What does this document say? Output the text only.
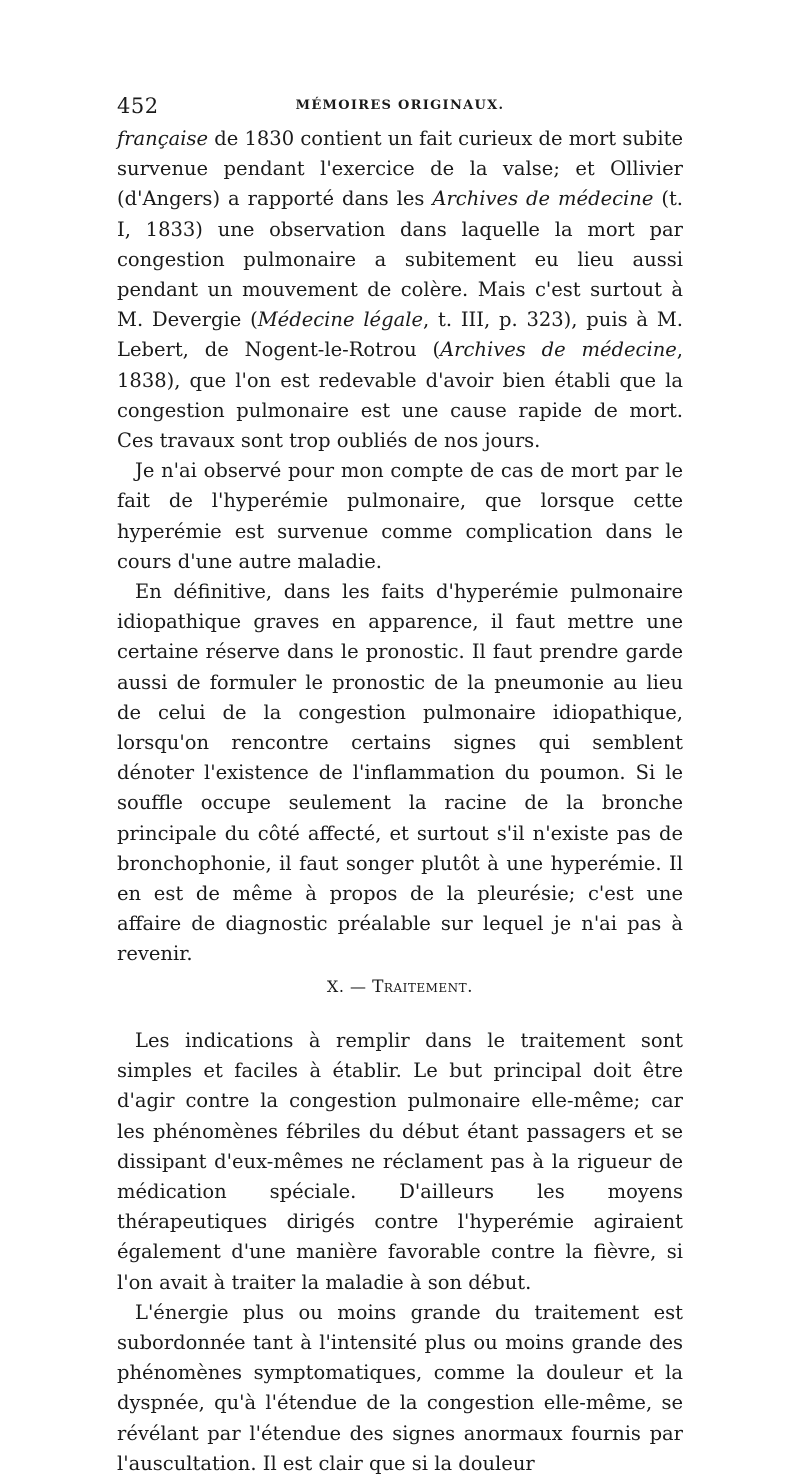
452	MÉMOIRES ORIGINAUX.

française de 1830 contient un fait curieux de mort subite survenue pendant l'exercice de la valse; et Ollivier (d'Angers) a rapporté dans les Archives de médecine (t. I, 1833) une observation dans laquelle la mort par congestion pulmonaire a subitement eu lieu aussi pendant un mouvement de colère. Mais c'est surtout à M. Devergie (Médecine légale, t. III, p. 323), puis à M. Lebert, de Nogent-le-Rotrou (Archives de médecine, 1838), que l'on est redevable d'avoir bien établi que la congestion pulmonaire est une cause rapide de mort. Ces travaux sont trop oubliés de nos jours.

Je n'ai observé pour mon compte de cas de mort par le fait de l'hyperémie pulmonaire, que lorsque cette hyperémie est survenue comme complication dans le cours d'une autre maladie.

En définitive, dans les faits d'hyperémie pulmonaire idiopathique graves en apparence, il faut mettre une certaine réserve dans le pronostic. Il faut prendre garde aussi de formuler le pronostic de la pneumonie au lieu de celui de la congestion pulmonaire idiopathique, lorsqu'on rencontre certains signes qui semblent dénoter l'existence de l'inflammation du poumon. Si le souffle occupe seulement la racine de la bronche principale du côté affecté, et surtout s'il n'existe pas de bronchophonie, il faut songer plutôt à une hyperémie. Il en est de même à propos de la pleurésie; c'est une affaire de diagnostic préalable sur lequel je n'ai pas à revenir.

X. — Traitement.

Les indications à remplir dans le traitement sont simples et faciles à établir. Le but principal doit être d'agir contre la congestion pulmonaire elle-même; car les phénomènes fébriles du début étant passagers et se dissipant d'eux-mêmes ne réclament pas à la rigueur de médication spéciale. D'ailleurs les moyens thérapeutiques dirigés contre l'hyperémie agiraient également d'une manière favorable contre la fièvre, si l'on avait à traiter la maladie à son début.

L'énergie plus ou moins grande du traitement est subordonnée tant à l'intensité plus ou moins grande des phénomènes symptomatiques, comme la douleur et la dyspnée, qu'à l'étendue de la congestion elle-même, se révélant par l'étendue des signes anormaux fournis par l'auscultation. Il est clair que si la douleur
